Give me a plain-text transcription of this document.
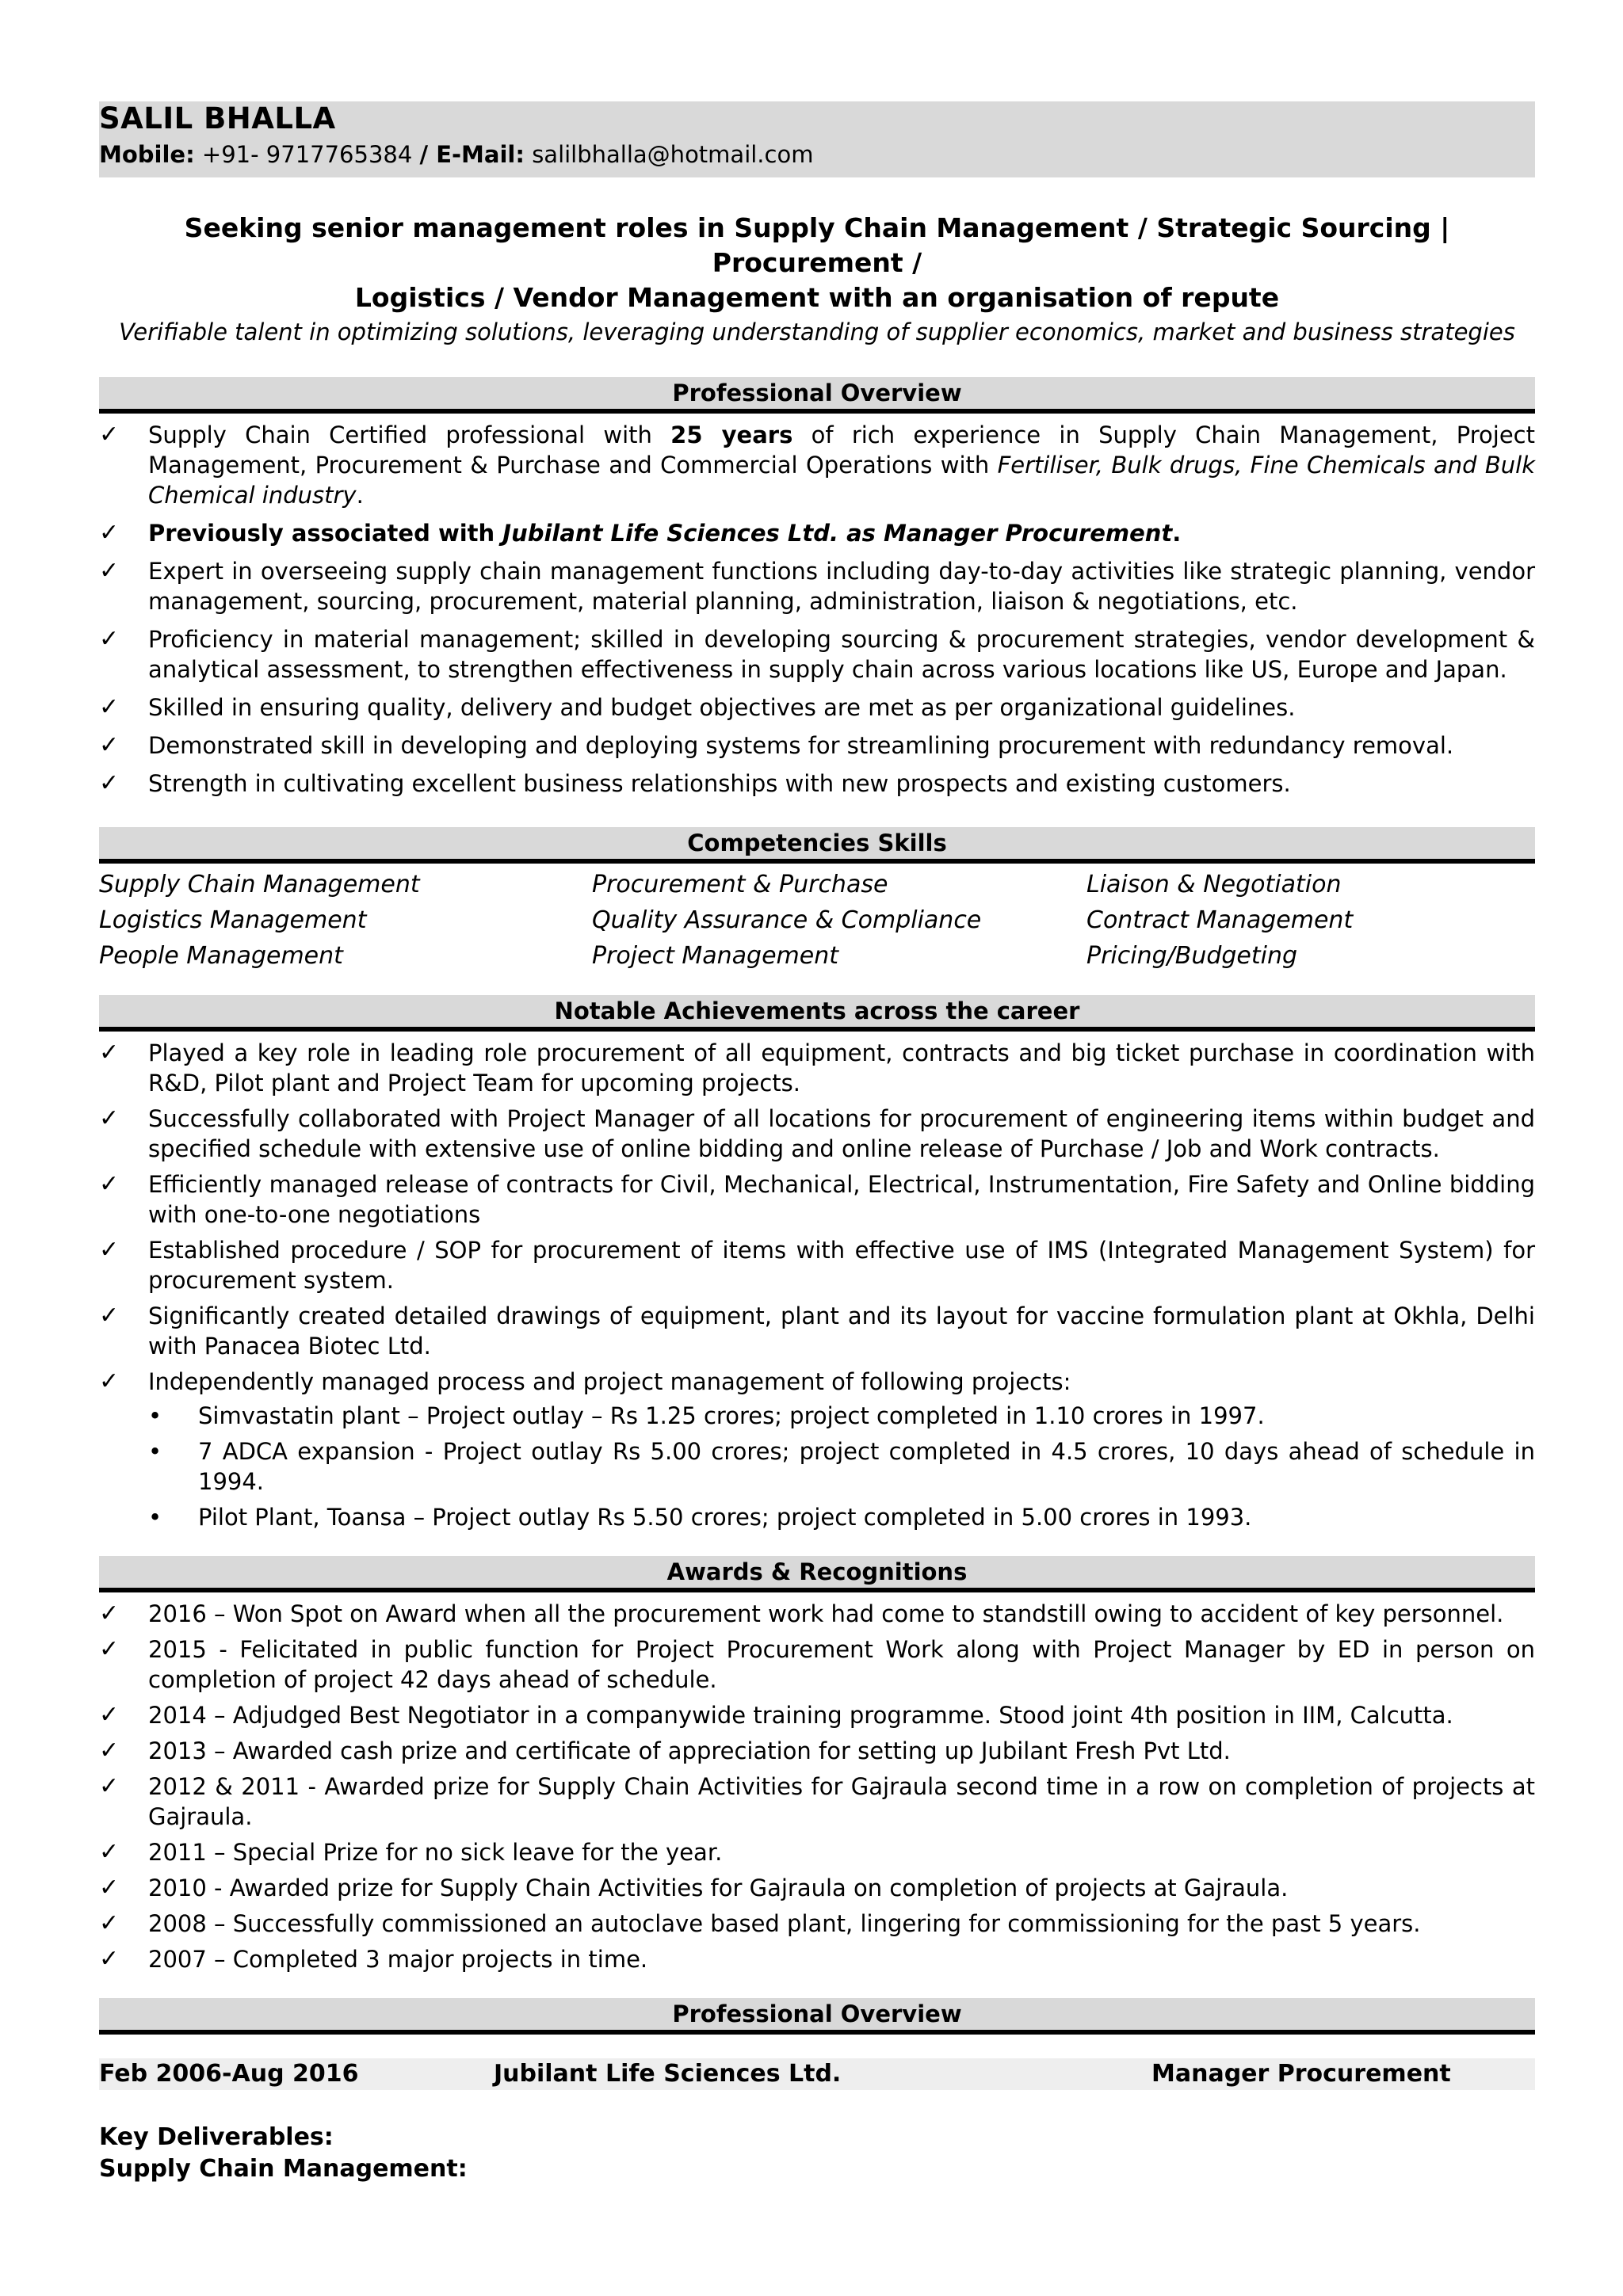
SALIL BHALLA
Mobile: +91- 9717765384 / E-Mail: salilbhalla@hotmail.com
Seeking senior management roles in Supply Chain Management / Strategic Sourcing | Procurement /
Logistics / Vendor Management with an organisation of repute
Verifiable talent in optimizing solutions, leveraging understanding of supplier economics, market and business strategies
Professional Overview
✓ Supply Chain Certified professional with 25 years of rich experience in Supply Chain Management, Project Management, Procurement & Purchase and Commercial Operations with Fertiliser, Bulk drugs, Fine Chemicals and Bulk Chemical industry.
✓ Previously associated with Jubilant Life Sciences Ltd. as Manager Procurement.
✓ Expert in overseeing supply chain management functions including day-to-day activities like strategic planning, vendor management, sourcing, procurement, material planning, administration, liaison & negotiations, etc.
✓ Proficiency in material management; skilled in developing sourcing & procurement strategies, vendor development & analytical assessment, to strengthen effectiveness in supply chain across various locations like US, Europe and Japan.
✓ Skilled in ensuring quality, delivery and budget objectives are met as per organizational guidelines.
✓ Demonstrated skill in developing and deploying systems for streamlining procurement with redundancy removal.
✓ Strength in cultivating excellent business relationships with new prospects and existing customers.
Competencies Skills
Supply Chain Management	Procurement & Purchase	Liaison & Negotiation
Logistics Management	Quality Assurance & Compliance	Contract Management
People Management	Project Management	Pricing/Budgeting
Notable Achievements across the career
✓ Played a key role in leading role procurement of all equipment, contracts and big ticket purchase in coordination with R&D, Pilot plant and Project Team for upcoming projects.
✓ Successfully collaborated with Project Manager of all locations for procurement of engineering items within budget and specified schedule with extensive use of online bidding and online release of Purchase / Job and Work contracts.
✓ Efficiently managed release of contracts for Civil, Mechanical, Electrical, Instrumentation, Fire Safety and Online bidding with one-to-one negotiations
✓ Established procedure / SOP for procurement of items with effective use of IMS (Integrated Management System) for procurement system.
✓ Significantly created detailed drawings of equipment, plant and its layout for vaccine formulation plant at Okhla, Delhi with Panacea Biotec Ltd.
✓ Independently managed process and project management of following projects:
• Simvastatin plant – Project outlay – Rs 1.25 crores; project completed in 1.10 crores in 1997.
• 7 ADCA expansion - Project outlay Rs 5.00 crores; project completed in 4.5 crores, 10 days ahead of schedule in 1994.
• Pilot Plant, Toansa – Project outlay Rs 5.50 crores; project completed in 5.00 crores in 1993.
Awards & Recognitions
✓ 2016 – Won Spot on Award when all the procurement work had come to standstill owing to accident of key personnel.
✓ 2015 - Felicitated in public function for Project Procurement Work along with Project Manager by ED in person on completion of project 42 days ahead of schedule.
✓ 2014 – Adjudged Best Negotiator in a companywide training programme. Stood joint 4th position in IIM, Calcutta.
✓ 2013 – Awarded cash prize and certificate of appreciation for setting up Jubilant Fresh Pvt Ltd.
✓ 2012 & 2011 - Awarded prize for Supply Chain Activities for Gajraula second time in a row on completion of projects at Gajraula.
✓ 2011 – Special Prize for no sick leave for the year.
✓ 2010 - Awarded prize for Supply Chain Activities for Gajraula on completion of projects at Gajraula.
✓ 2008 – Successfully commissioned an autoclave based plant, lingering for commissioning for the past 5 years.
✓ 2007 – Completed 3 major projects in time.
Professional Overview
Feb 2006-Aug 2016	Jubilant Life Sciences Ltd.	Manager Procurement
Key Deliverables:
Supply Chain Management:
